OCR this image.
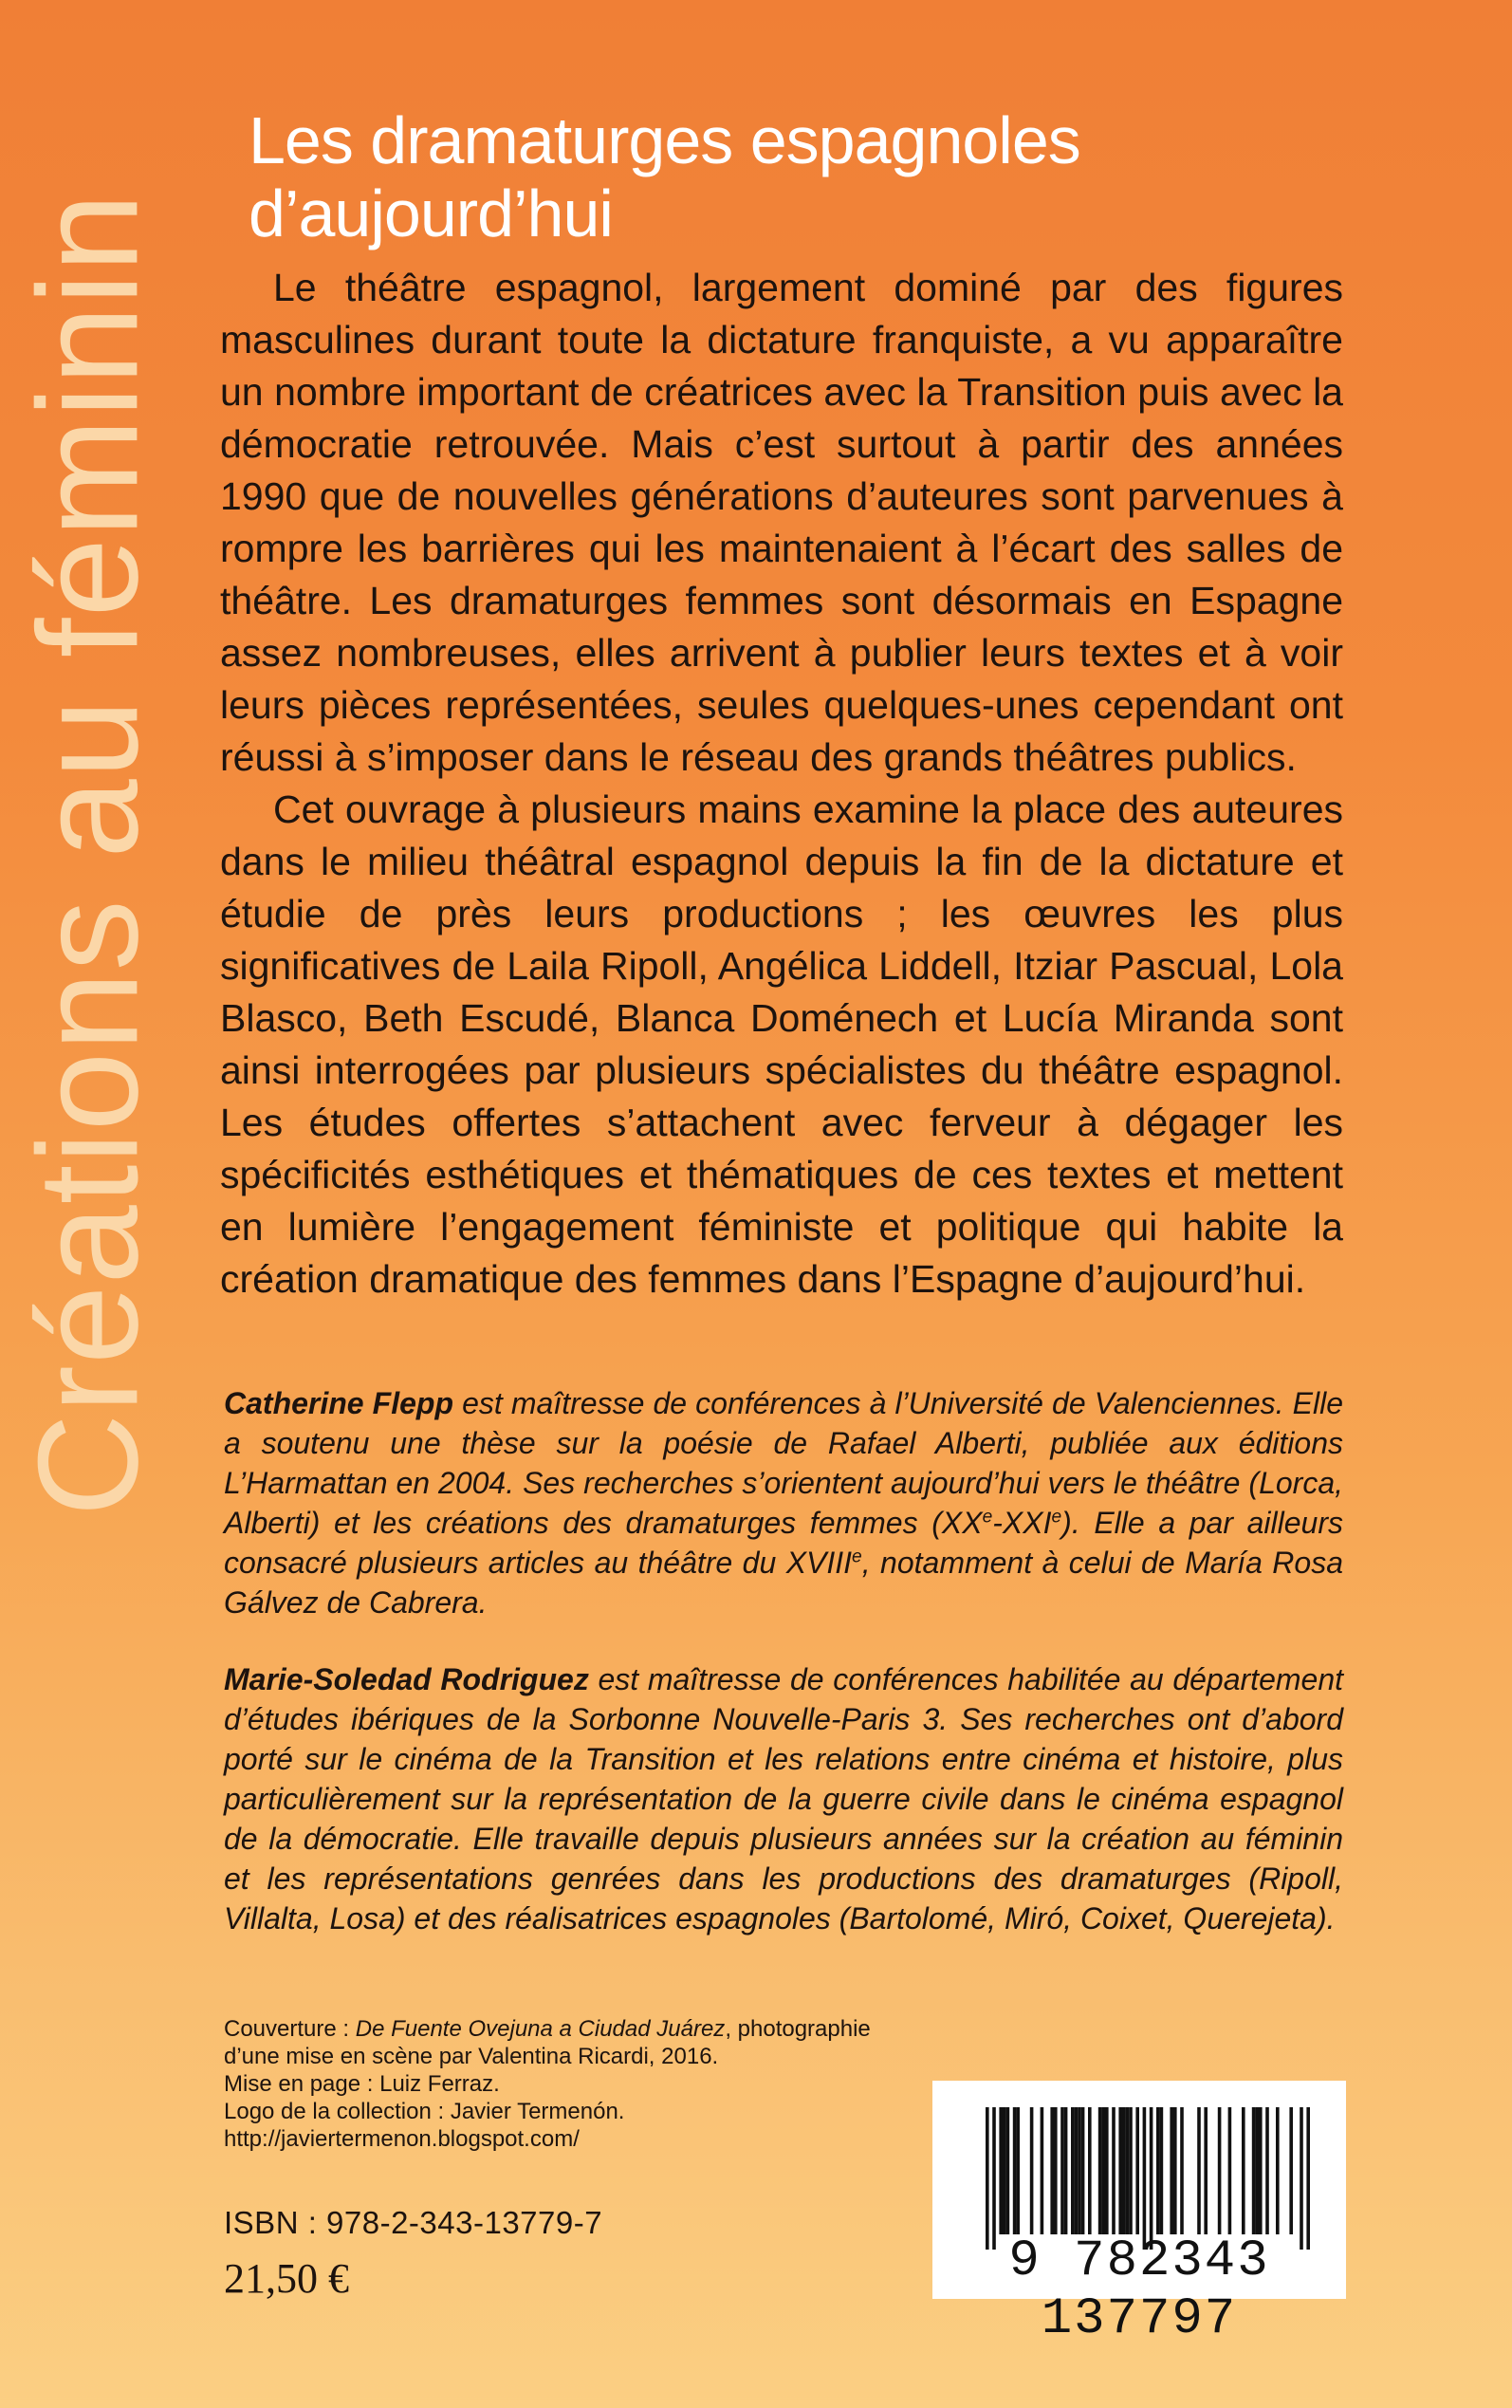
Créations au féminin
Les dramaturges espagnoles d’aujourd’hui

Le théâtre espagnol, largement dominé par des figures masculines durant toute la dictature franquiste, a vu apparaître un nombre important de créatrices avec la Transition puis avec la démocratie retrouvée. Mais c’est surtout à partir des années 1990 que de nouvelles générations d’auteures sont parvenues à rompre les barrières qui les maintenaient à l’écart des salles de théâtre. Les dramaturges femmes sont désormais en Espagne assez nombreuses, elles arrivent à publier leurs textes et à voir leurs pièces représentées, seules quelques-unes cependant ont réussi à s’imposer dans le réseau des grands théâtres publics.

Cet ouvrage à plusieurs mains examine la place des auteures dans le milieu théâtral espagnol depuis la fin de la dictature et étudie de près leurs productions ; les œuvres les plus significatives de Laila Ripoll, Angélica Liddell, Itziar Pascual, Lola Blasco, Beth Escudé, Blanca Doménech et Lucía Miranda sont ainsi interrogées par plusieurs spécialistes du théâtre espagnol. Les études offertes s’attachent avec ferveur à dégager les spécificités esthétiques et thématiques de ces textes et mettent en lumière l’engagement féministe et politique qui habite la création dramatique des femmes dans l’Espagne d’aujourd’hui.

Catherine Flepp est maîtresse de conférences à l’Université de Valenciennes. Elle a soutenu une thèse sur la poésie de Rafael Alberti, publiée aux éditions L’Harmattan en 2004. Ses recherches s’orientent aujourd’hui vers le théâtre (Lorca, Alberti) et les créations des dramaturges femmes (XXe-XXIe). Elle a par ailleurs consacré plusieurs articles au théâtre du XVIIIe, notamment à celui de María Rosa Gálvez de Cabrera.
Marie-Soledad Rodriguez est maîtresse de conférences habilitée au département d’études ibériques de la Sorbonne Nouvelle-Paris 3. Ses recherches ont d’abord porté sur le cinéma de la Transition et les relations entre cinéma et histoire, plus particulièrement sur la représentation de la guerre civile dans le cinéma espagnol de la démocratie. Elle travaille depuis plusieurs années sur la création au féminin et les représentations genrées dans les productions des dramaturges (Ripoll, Villalta, Losa) et des réalisatrices espagnoles (Bartolomé, Miró, Coixet, Querejeta).
Couverture : De Fuente Ovejuna a Ciudad Juárez, photographie d’une mise en scène par Valentina Ricardi, 2016.
Mise en page : Luiz Ferraz.
Logo de la collection : Javier Termenón.
http://javiertermenon.blogspot.com/
ISBN : 978-2-343-13779-7
21,50 €	9 782343 137797
